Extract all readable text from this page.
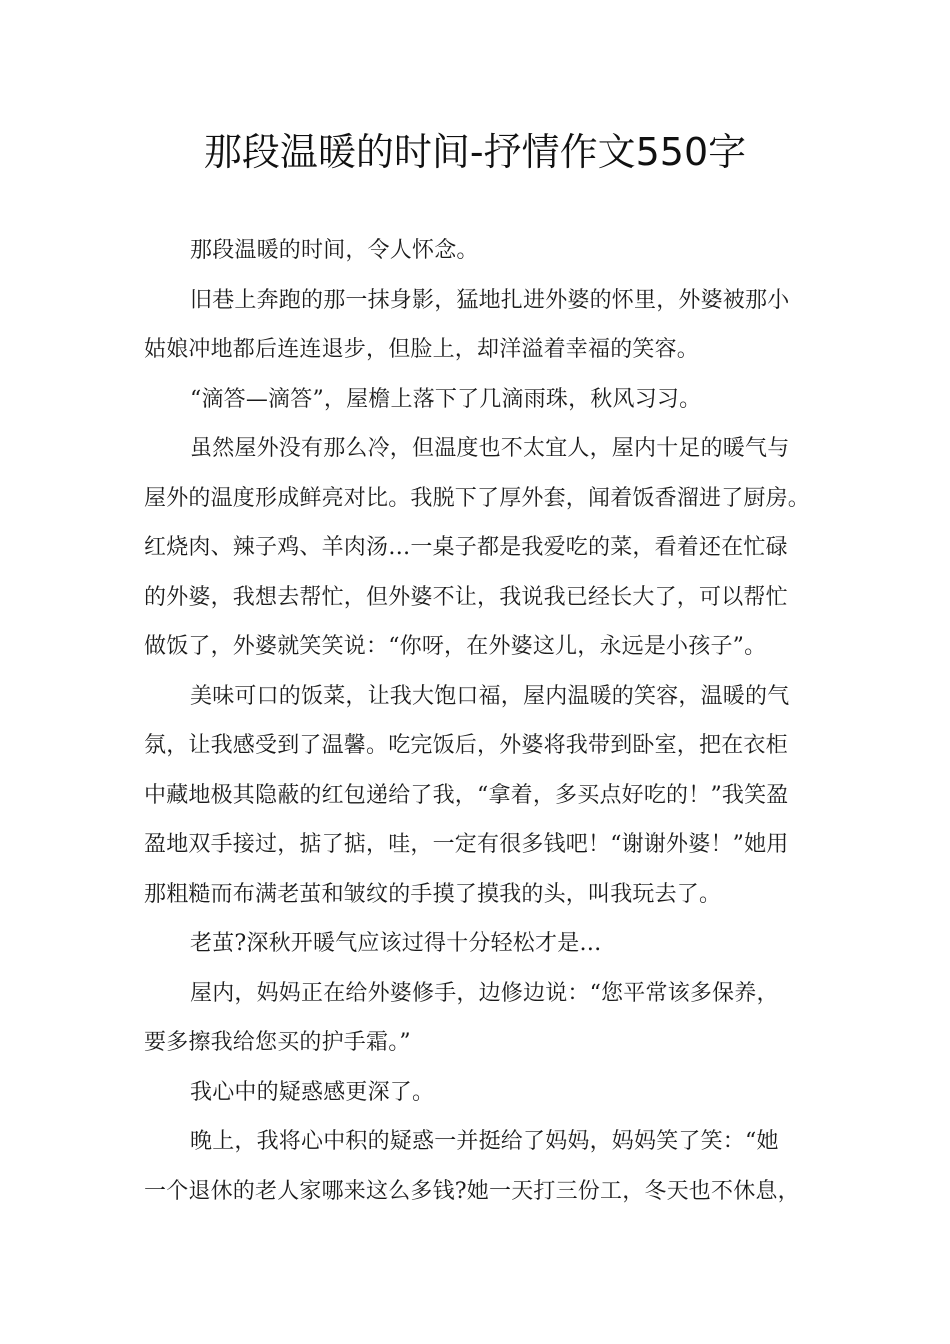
那段温暖的时间-抒情作文550字
那段温暖的时间，令人怀念。
旧巷上奔跑的那一抹身影，猛地扎进外婆的怀里，外婆被那小
姑娘冲地都后连连退步，但脸上，却洋溢着幸福的笑容。
“滴答—滴答”，屋檐上落下了几滴雨珠，秋风习习。
虽然屋外没有那么冷，但温度也不太宜人，屋内十足的暖气与
屋外的温度形成鲜亮对比。我脱下了厚外套，闻着饭香溜进了厨房。
红烧肉、辣子鸡、羊肉汤…一桌子都是我爱吃的菜，看着还在忙碌
的外婆，我想去帮忙，但外婆不让，我说我已经长大了，可以帮忙
做饭了，外婆就笑笑说：“你呀，在外婆这儿，永远是小孩子”。
美味可口的饭菜，让我大饱口福，屋内温暖的笑容，温暖的气
氛，让我感受到了温馨。吃完饭后，外婆将我带到卧室，把在衣柜
中藏地极其隐蔽的红包递给了我，“拿着，多买点好吃的！”我笑盈
盈地双手接过，掂了掂，哇，一定有很多钱吧！“谢谢外婆！”她用
那粗糙而布满老茧和皱纹的手摸了摸我的头，叫我玩去了。
老茧?深秋开暖气应该过得十分轻松才是…
屋内，妈妈正在给外婆修手，边修边说：“您平常该多保养，
要多擦我给您买的护手霜。”
我心中的疑惑感更深了。
晚上，我将心中积的疑惑一并挺给了妈妈，妈妈笑了笑：“她
一个退休的老人家哪来这么多钱?她一天打三份工，冬天也不休息，
